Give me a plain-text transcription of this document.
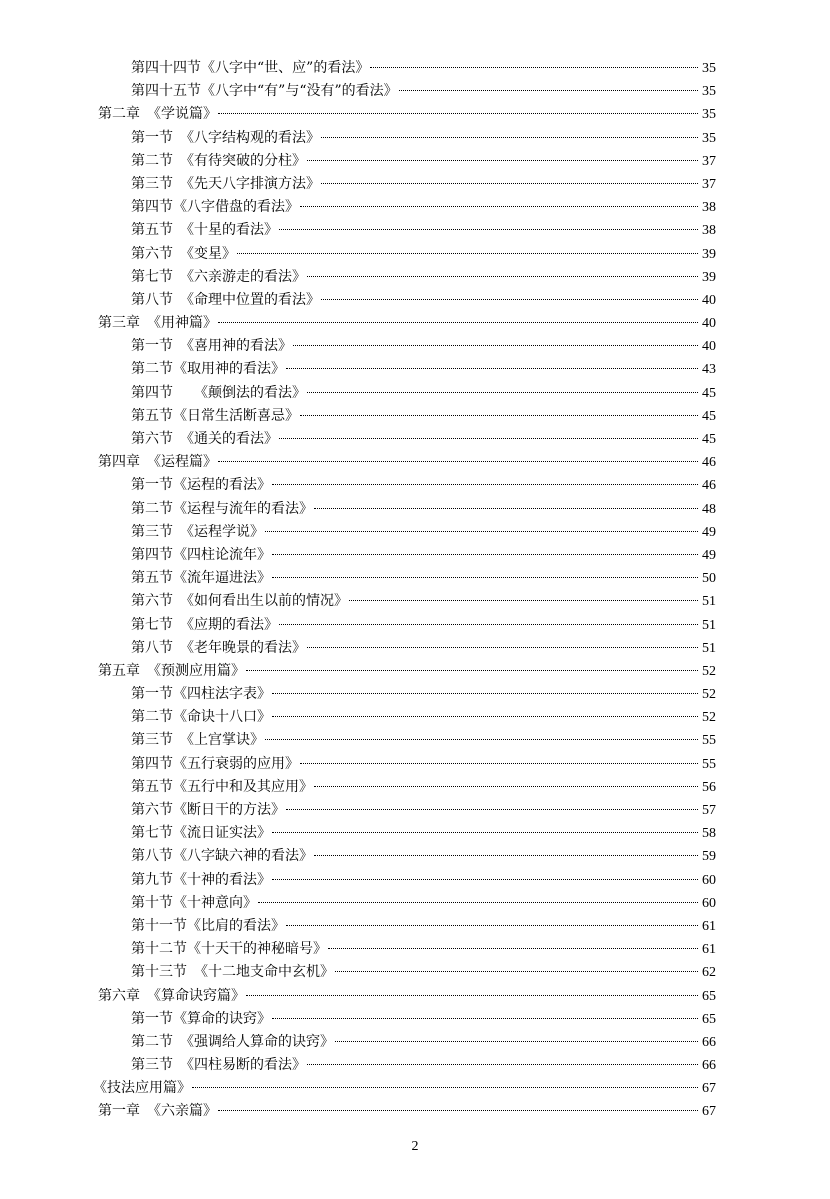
第四十四节《八字中“世、应”的看法》	35
第四十五节《八字中“有”与“没有”的看法》	35
第二章　《学说篇》	35
第一节　《八字结构观的看法》	35
第二节　《有待突破的分柱》	37
第三节　《先天八字排演方法》	37
第四节《八字借盘的看法》	38
第五节　《十星的看法》	38
第六节　《变星》	39
第七节　《六亲游走的看法》	39
第八节　《命理中位置的看法》	40
第三章　《用神篇》	40
第一节　《喜用神的看法》	40
第二节《取用神的看法》	43
第四节　　《颠倒法的看法》	45
第五节《日常生活断喜忌》	45
第六节　《通关的看法》	45
第四章　《运程篇》	46
第一节《运程的看法》	46
第二节《运程与流年的看法》	48
第三节　《运程学说》	49
第四节《四柱论流年》	49
第五节《流年逼进法》	50
第六节　《如何看出生以前的情况》	51
第七节　《应期的看法》	51
第八节　《老年晚景的看法》	51
第五章　《预测应用篇》	52
第一节《四柱法字表》	52
第二节《命诀十八口》	52
第三节　《上宫掌诀》	55
第四节《五行衰弱的应用》	55
第五节《五行中和及其应用》	56
第六节《断日干的方法》	57
第七节《流日证实法》	58
第八节《八字缺六神的看法》	59
第九节《十神的看法》	60
第十节《十神意向》	60
第十一节《比肩的看法》	61
第十二节《十天干的神秘暗号》	61
第十三节　《十二地支命中玄机》	62
第六章　《算命诀窍篇》	65
第一节《算命的诀窍》	65
第二节　《强调给人算命的诀窍》	66
第三节　《四柱易断的看法》	66
《技法应用篇》	67
第一章　《六亲篇》	67
2
